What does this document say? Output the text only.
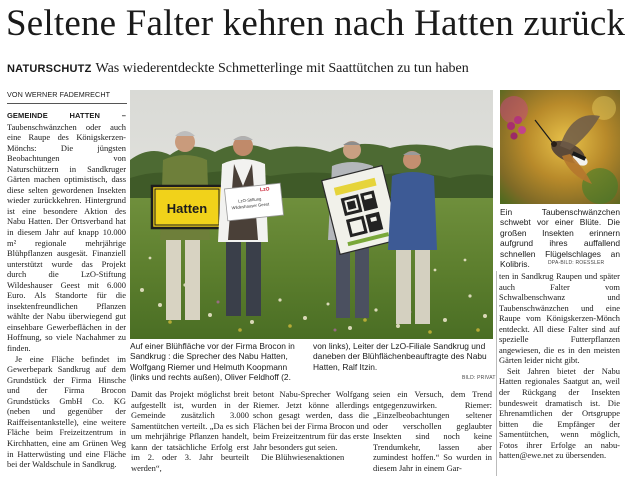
Seltene Falter kehren nach Hatten zurück
NATURSCHUTZ Was wiederentdeckte Schmetterlinge mit Saattütchen zu tun haben
VON WERNER FADEMRECHT

GEMEINDE HATTEN – Taubenschwänzchen oder auch eine Raupe des Königskerzen-Mönchs: Die jüngsten Beobachtungen von Naturschützern in Sandkruger Gärten machen optimistisch, dass diese selten gewordenen Insekten wieder zurückkehren. Hintergrund ist eine besondere Aktion des Nabu Hatten. Der Ortsverband hat in diesem Jahr auf knapp 10.000 m² regionale mehrjährige Blühpflanzen ausgesät. Finanziell unterstützt wurde das Projekt durch die LzO-Stiftung Wildeshauser Geest mit 6.000 Euro. Als Standorte für die insektenfreundlichen Pflanzen wählte der Nabu überwiegend gut einsehbare Gewerbeflächen in der Hoffnung, so viele Nachahmer zu finden.

Je eine Fläche befindet im Gewerbepark Sandkrug auf dem Grundstück der Firma Hinsche und der Firma Brocon Grundstücks GmbH Co. KG (neben und gegenüber der Raiffeisentankstelle), eine weitere Fläche beim Freizeitzentrum in Kirchhatten, eine am Grünen Weg in Hatterwüsting und eine Fläche bei der Waldschule in Sandkrug.

Hatten
LzO
LzO-Stiftung
Wildeshauser Geest
Ein Taubenschwänzchen schwebt vor einer Blüte. Die großen Insekten erinnern aufgrund ihres auffallend schnellen Flügelschlages an Kolibris.	DPA-BILD: ROESSLER
Auf einer Blühfläche vor der Firma Brocon in Sandkrug : die Sprecher des Nabu Hatten, Wolfgang Riemer und Helmuth Koopmann (links und rechts außen), Oliver Feldhoff (2.
von links), Leiter der LzO-Filiale Sandkrug und daneben der Blühflächenbeauftragte des Nabu Hatten, Ralf Itzin.
BILD: PRIVAT

Damit das Projekt möglichst breit aufgestellt ist, wurden in der Gemeinde zusätzlich 3.000 Samentütchen verteilt. „Da es sich um mehrjährige Pflanzen handelt, kann der tatsächliche Erfolg erst im 2. oder 3. Jahr beurteilt werden“,

betont Nabu-Sprecher Wolfgang Riemer. Jetzt könne allerdings schon gesagt werden, dass die Flächen bei der Firma Brocon und beim Freizeitzentrum für das erste Jahr besonders gut seien.

Die Blühwiesenaktionen

seien ein Versuch, dem Trend entgegenzuwirken. Riemer: „Einzelbeobachtungen seltener oder verschollen geglaubter Insekten sind noch keine Trendumkehr, lassen aber zumindest hoffen.“ So wurden in diesem Jahr in einem Gar-

ten in Sandkrug Raupen und später auch Falter vom Schwalbenschwanz und Taubenschwänzchen und eine Raupe vom Königskerzen-Mönch entdeckt. All diese Falter sind auf spezielle Futterpflanzen angewiesen, die es in den meisten Gärten leider nicht gibt.

Seit Jahren bietet der Nabu Hatten regionales Saatgut an, weil der Rückgang der Insekten bundesweit dramatisch ist. Die Ehrenamtlichen der Ortsgruppe bitten die Empfänger der Samentütchen, wenn möglich, Fotos ihrer Erfolge an nabu-hatten@ewe.net zu übersenden.
